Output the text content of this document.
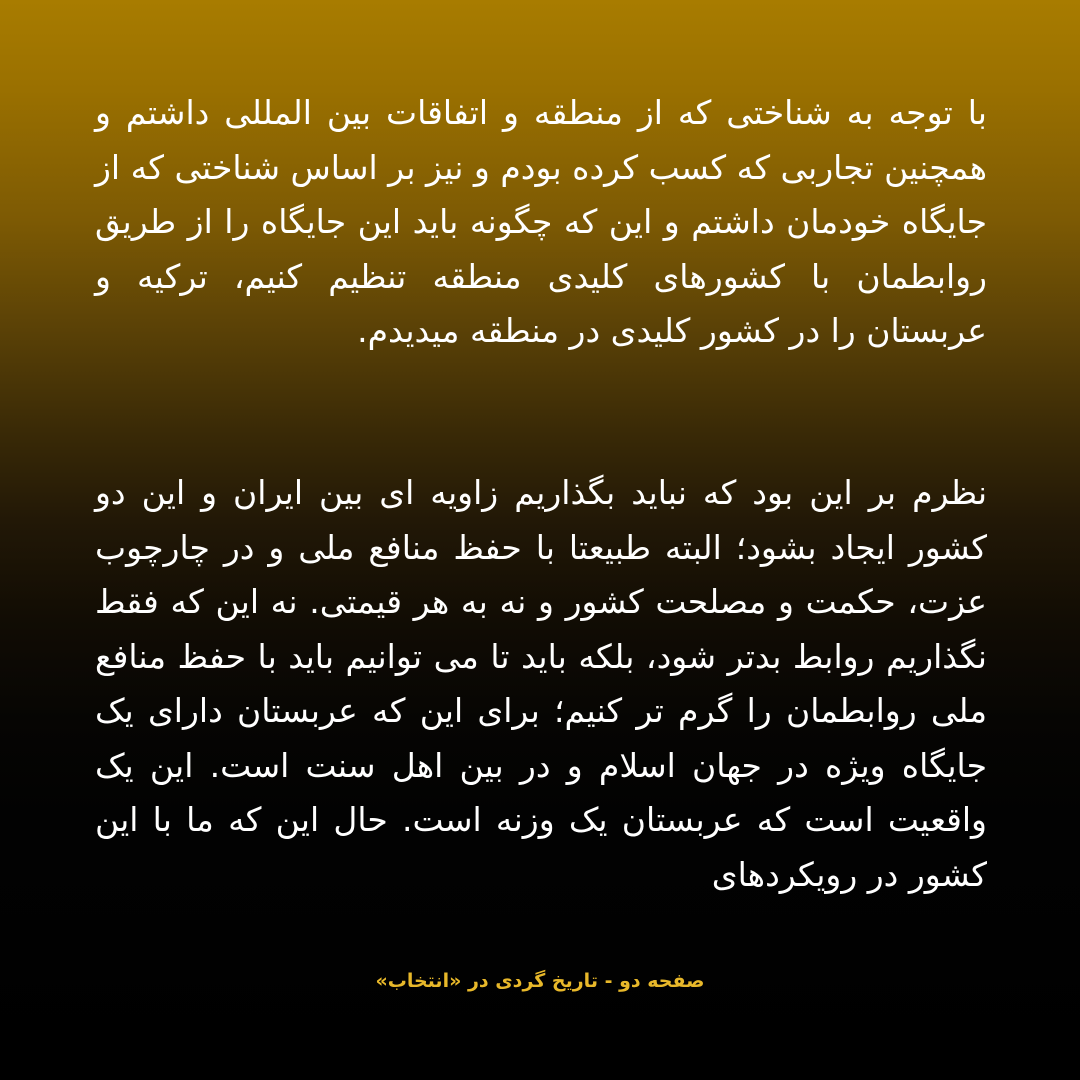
با توجه به شناختی که از منطقه و اتفاقات بین المللی داشتم و همچنین تجاربی که کسب کرده بودم و نیز بر اساس شناختی که از جایگاه خودمان داشتم و این که چگونه باید این جایگاه را از طریق روابطمان با کشورهای کلیدی منطقه تنظیم کنیم، ترکیه و عربستان را در کشور کلیدی در منطقه میدیدم.

نظرم بر این بود که نباید بگذاریم زاویه ای بین ایران و این دو کشور ایجاد بشود؛ البته طبیعتا با حفظ منافع ملی و در چارچوب عزت، حکمت و مصلحت کشور و نه به هر قیمتی. نه این که فقط نگذاریم روابط بدتر شود، بلکه باید تا می توانیم باید با حفظ منافع ملی روابطمان را گرم تر کنیم؛ برای این که عربستان دارای یک جایگاه ویژه در جهان اسلام و در بین اهل سنت است. این یک واقعیت است که عربستان یک وزنه است. حال این که ما با این کشور در رویکردهای

صفحه دو - تاریخ گردی در «انتخاب»
